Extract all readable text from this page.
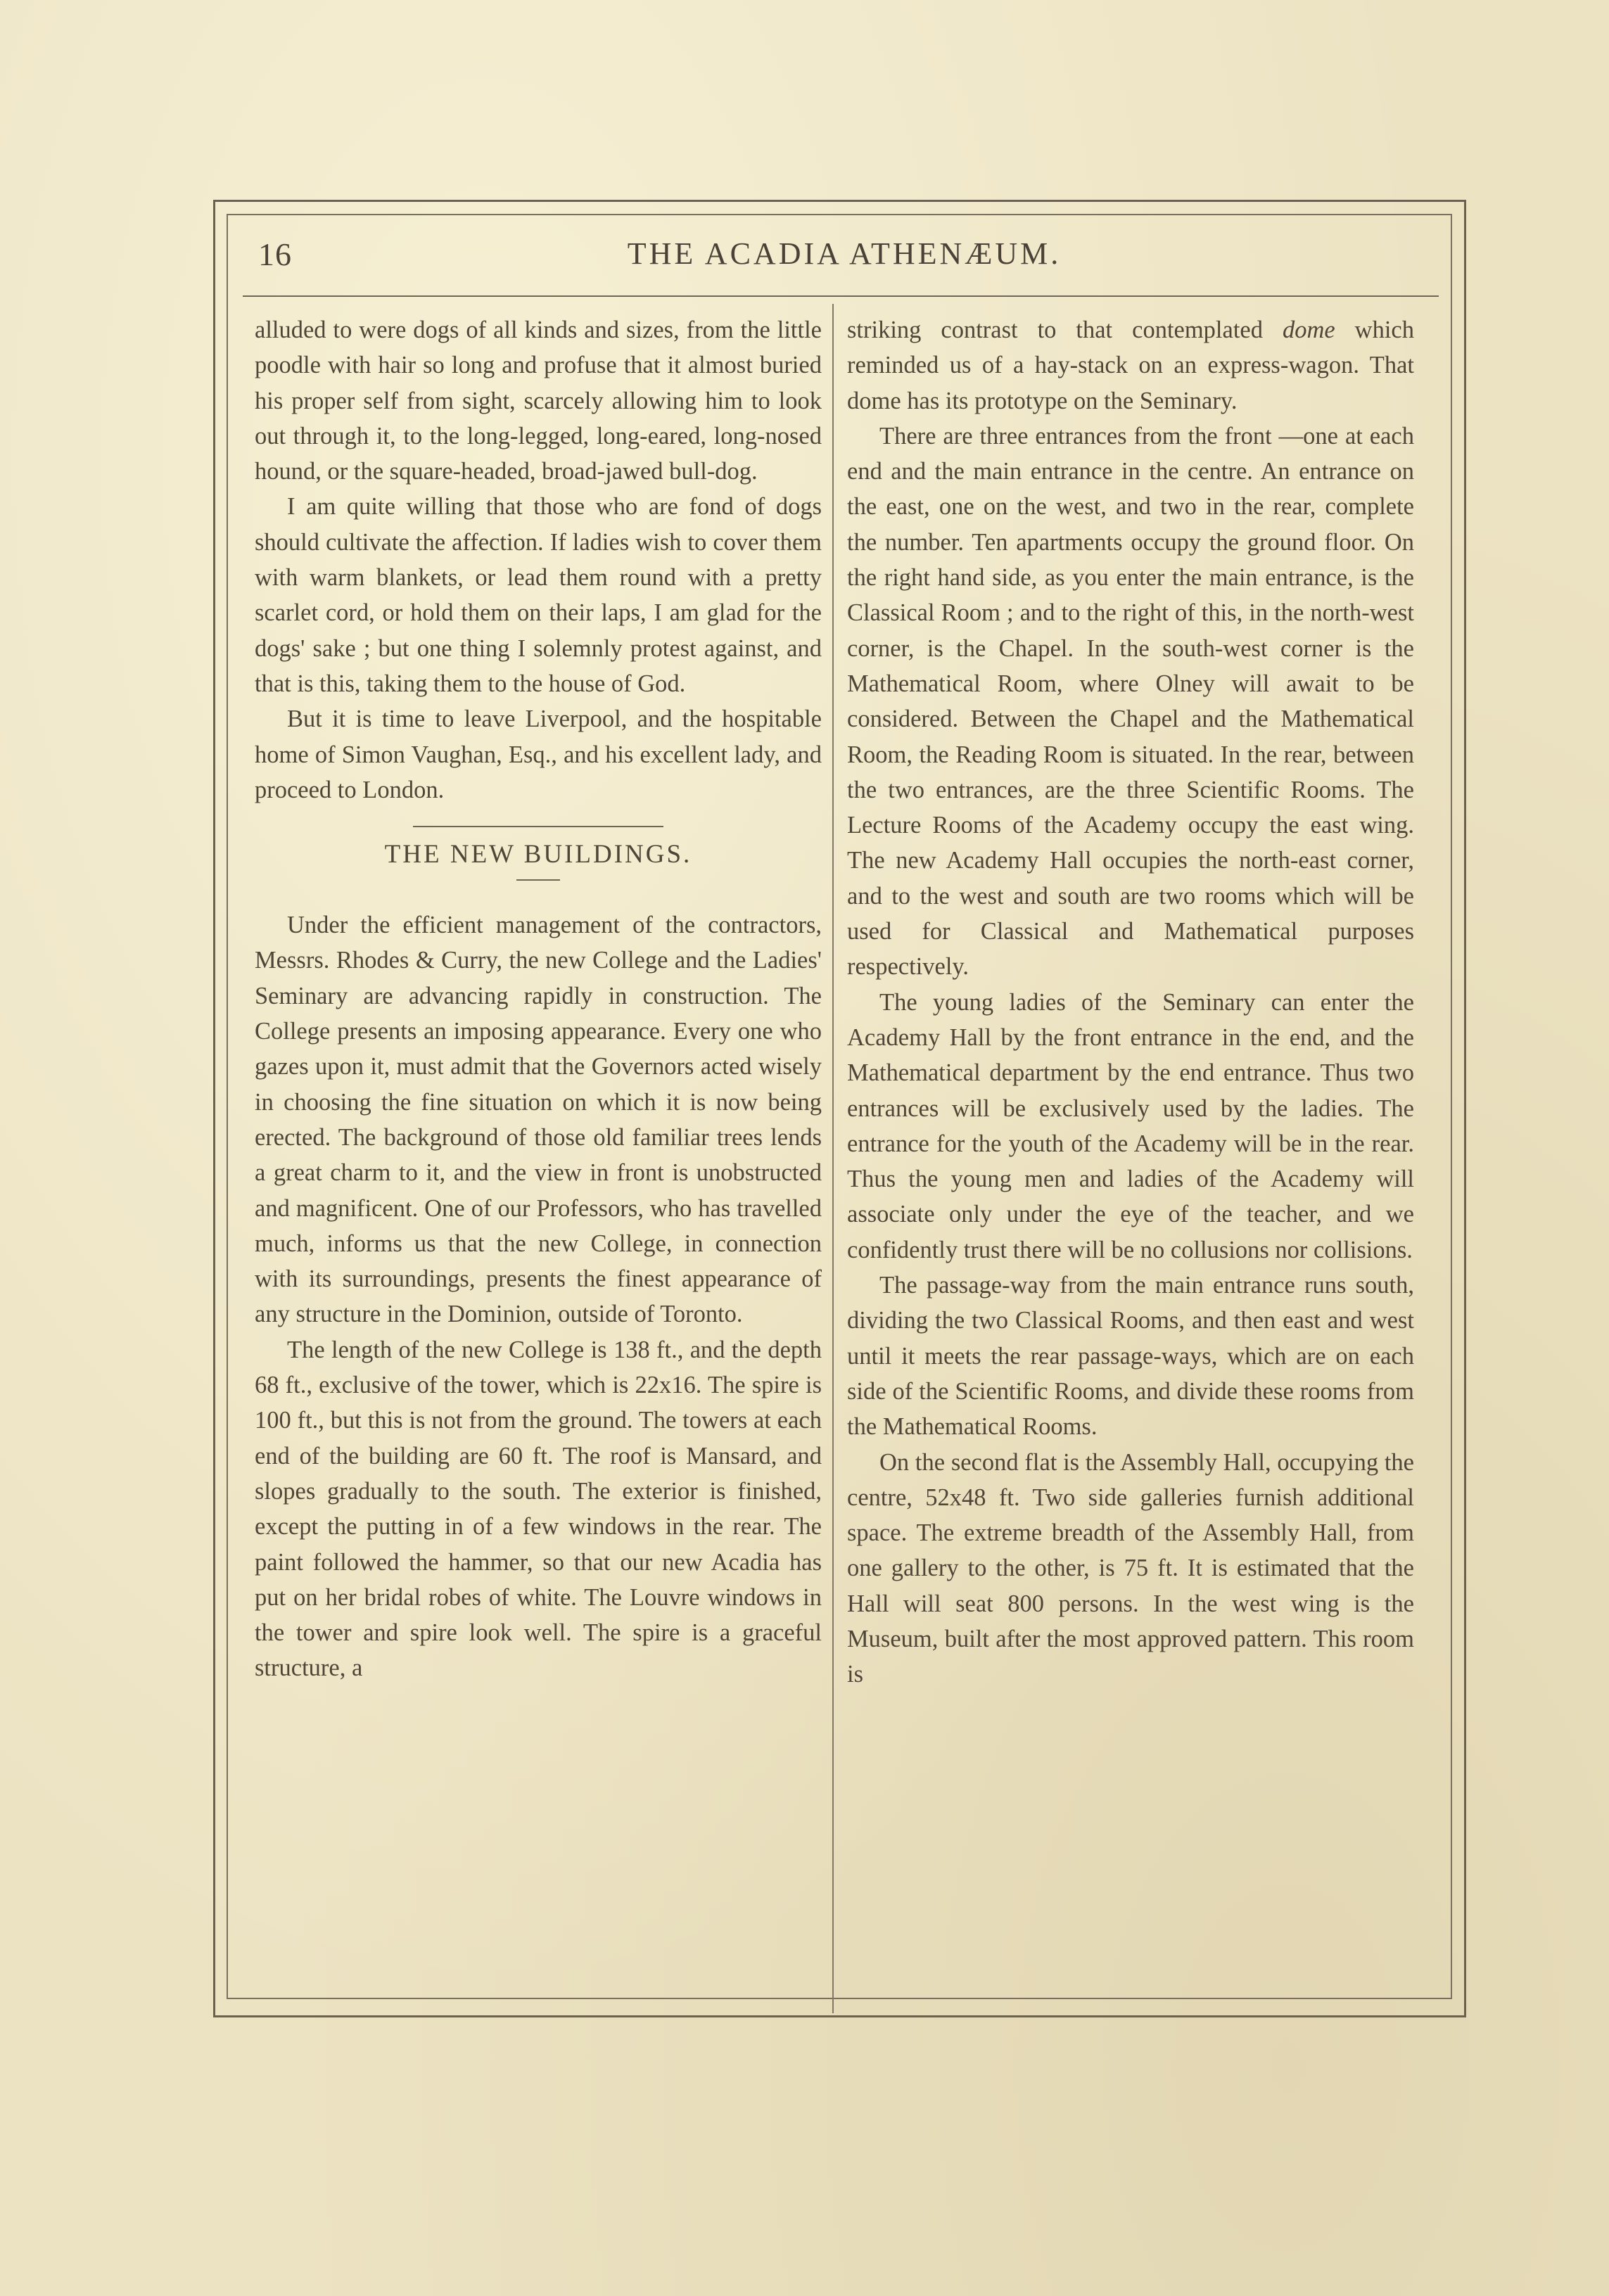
16	THE ACADIA ATHENÆUM.

alluded to were dogs of all kinds and sizes, from the little poodle with hair so long and profuse that it almost buried his proper self from sight, scarcely allowing him to look out through it, to the long-legged, long-eared, long-nosed hound, or the square-headed, broad-jawed bull-dog.

I am quite willing that those who are fond of dogs should cultivate the affection. If ladies wish to cover them with warm blankets, or lead them round with a pretty scarlet cord, or hold them on their laps, I am glad for the dogs' sake ; but one thing I solemnly protest against, and that is this, taking them to the house of God.

But it is time to leave Liverpool, and the hospitable home of Simon Vaughan, Esq., and his excellent lady, and proceed to London.

THE NEW BUILDINGS.

Under the efficient management of the contractors, Messrs. Rhodes & Curry, the new College and the Ladies' Seminary are advancing rapidly in construction. The College presents an imposing appearance. Every one who gazes upon it, must admit that the Governors acted wisely in choosing the fine situation on which it is now being erected. The background of those old familiar trees lends a great charm to it, and the view in front is unobstructed and magnificent. One of our Professors, who has travelled much, informs us that the new College, in connection with its surroundings, presents the finest appearance of any structure in the Dominion, outside of Toronto.

The length of the new College is 138 ft., and the depth 68 ft., exclusive of the tower, which is 22x16. The spire is 100 ft., but this is not from the ground. The towers at each end of the building are 60 ft. The roof is Mansard, and slopes gradually to the south. The exterior is finished, except the putting in of a few windows in the rear. The paint followed the hammer, so that our new Acadia has put on her bridal robes of white. The Louvre windows in the tower and spire look well. The spire is a graceful structure, a

striking contrast to that contemplated dome which reminded us of a hay-stack on an express-wagon. That dome has its prototype on the Seminary.

There are three entrances from the front —one at each end and the main entrance in the centre. An entrance on the east, one on the west, and two in the rear, complete the number. Ten apartments occupy the ground floor. On the right hand side, as you enter the main entrance, is the Classical Room ; and to the right of this, in the north-west corner, is the Chapel. In the south-west corner is the Mathematical Room, where Olney will await to be considered. Between the Chapel and the Mathematical Room, the Reading Room is situated. In the rear, between the two entrances, are the three Scientific Rooms. The Lecture Rooms of the Academy occupy the east wing. The new Academy Hall occupies the north-east corner, and to the west and south are two rooms which will be used for Classical and Mathematical purposes respectively.

The young ladies of the Seminary can enter the Academy Hall by the front entrance in the end, and the Mathematical department by the end entrance. Thus two entrances will be exclusively used by the ladies. The entrance for the youth of the Academy will be in the rear. Thus the young men and ladies of the Academy will associate only under the eye of the teacher, and we confidently trust there will be no collusions nor collisions.

The passage-way from the main entrance runs south, dividing the two Classical Rooms, and then east and west until it meets the rear passage-ways, which are on each side of the Scientific Rooms, and divide these rooms from the Mathematical Rooms.

On the second flat is the Assembly Hall, occupying the centre, 52x48 ft. Two side galleries furnish additional space. The extreme breadth of the Assembly Hall, from one gallery to the other, is 75 ft. It is estimated that the Hall will seat 800 persons. In the west wing is the Museum, built after the most approved pattern. This room is
